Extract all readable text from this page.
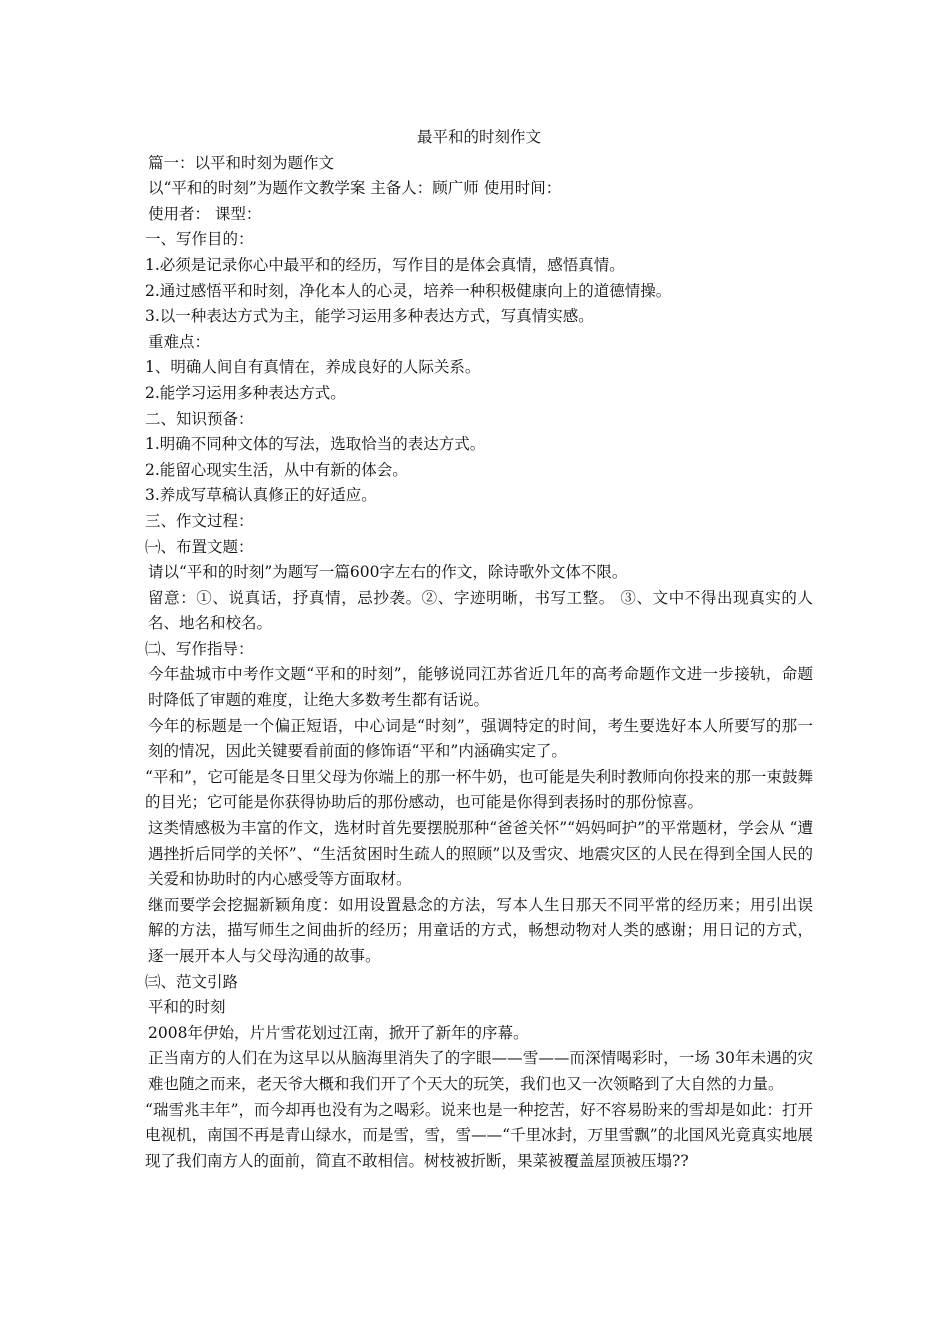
最平和的时刻作文
篇一：以平和时刻为题作文
以“平和的时刻”为题作文教学案 主备人：顾广师 使用时间：
使用者： 课型：
一、写作目的：
1.必须是记录你心中最平和的经历，写作目的是体会真情，感悟真情。
2.通过感悟平和时刻，净化本人的心灵，培养一种积极健康向上的道德情操。
3.以一种表达方式为主，能学习运用多种表达方式，写真情实感。
重难点：
1、明确人间自有真情在，养成良好的人际关系。
2.能学习运用多种表达方式。
二、知识预备：
1.明确不同种文体的写法，选取恰当的表达方式。
2.能留心现实生活，从中有新的体会。
3.养成写草稿认真修正的好适应。
三、作文过程：
㈠、布置文题：
请以“平和的时刻”为题写一篇600字左右的作文，除诗歌外文体不限。
留意：①、说真话，抒真情，忌抄袭。②、字迹明晰，书写工整。 ③、文中不得出现真实的人名、地名和校名。
㈡、写作指导：
今年盐城市中考作文题“平和的时刻”，能够说同江苏省近几年的高考命题作文进一步接轨，命题时降低了审题的难度，让绝大多数考生都有话说。
今年的标题是一个偏正短语，中心词是“时刻”，强调特定的时间，考生要选好本人所要写的那一刻的情况，因此关键要看前面的修饰语“平和”内涵确实定了。
“平和”，它可能是冬日里父母为你端上的那一杯牛奶，也可能是失利时教师向你投来的那一束鼓舞的目光；它可能是你获得协助后的那份感动，也可能是你得到表扬时的那份惊喜。
这类情感极为丰富的作文，选材时首先要摆脱那种“爸爸关怀”“妈妈呵护”的平常题材，学会从 “遭遇挫折后同学的关怀”、“生活贫困时生疏人的照顾”以及雪灾、地震灾区的人民在得到全国人民的关爱和协助时的内心感受等方面取材。
继而要学会挖掘新颖角度：如用设置悬念的方法，写本人生日那天不同平常的经历来；用引出误解的方法，描写师生之间曲折的经历；用童话的方式，畅想动物对人类的感谢；用日记的方式，逐一展开本人与父母沟通的故事。
㈢、范文引路
平和的时刻
2008年伊始，片片雪花划过江南，掀开了新年的序幕。
正当南方的人们在为这早以从脑海里消失了的字眼——雪——而深情喝彩时，一场 30年未遇的灾难也随之而来，老天爷大概和我们开了个天大的玩笑，我们也又一次领略到了大自然的力量。
“瑞雪兆丰年”，而今却再也没有为之喝彩。说来也是一种挖苦，好不容易盼来的雪却是如此：打开电视机，南国不再是青山绿水，而是雪，雪，雪——“千里冰封，万里雪飘”的北国风光竟真实地展现了我们南方人的面前，简直不敢相信。树枝被折断，果菜被覆盖屋顶被压塌??
